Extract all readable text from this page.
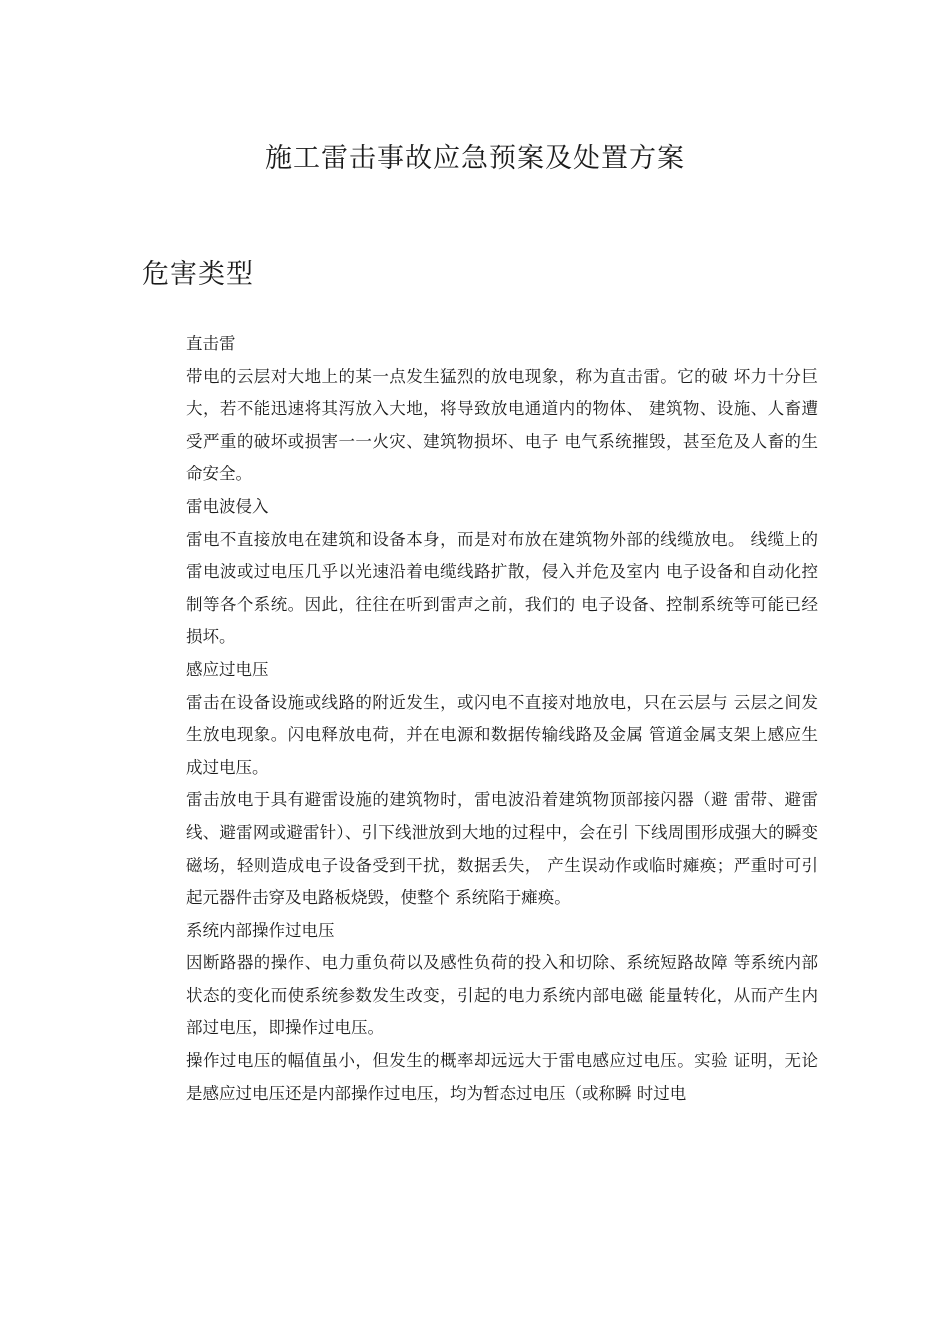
施工雷击事故应急预案及处置方案
危害类型

直击雷

带电的云层对大地上的某一点发生猛烈的放电现象，称为直击雷。它的破 坏力十分巨大，若不能迅速将其泻放入大地，将导致放电通道内的物体、 建筑物、设施、人畜遭受严重的破坏或损害一一火灾、建筑物损坏、电子 电气系统摧毁，甚至危及人畜的生命安全。

雷电波侵入

雷电不直接放电在建筑和设备本身，而是对布放在建筑物外部的线缆放电。 线缆上的雷电波或过电压几乎以光速沿着电缆线路扩散，侵入并危及室内 电子设备和自动化控制等各个系统。因此，往往在听到雷声之前，我们的 电子设备、控制系统等可能已经损坏。

感应过电压

雷击在设备设施或线路的附近发生，或闪电不直接对地放电，只在云层与 云层之间发生放电现象。闪电释放电荷，并在电源和数据传输线路及金属 管道金属支架上感应生成过电压。

雷击放电于具有避雷设施的建筑物时，雷电波沿着建筑物顶部接闪器（避 雷带、避雷线、避雷网或避雷针）、引下线泄放到大地的过程中，会在引 下线周围形成强大的瞬变磁场，轻则造成电子设备受到干扰，数据丢失， 产生误动作或临时瘫痪；严重时可引起元器件击穿及电路板烧毁，使整个 系统陷于瘫痪。

系统内部操作过电压

因断路器的操作、电力重负荷以及感性负荷的投入和切除、系统短路故障 等系统内部状态的变化而使系统参数发生改变，引起的电力系统内部电磁 能量转化，从而产生内部过电压，即操作过电压。

操作过电压的幅值虽小，但发生的概率却远远大于雷电感应过电压。实验 证明，无论是感应过电压还是内部操作过电压，均为暂态过电压（或称瞬 时过电
